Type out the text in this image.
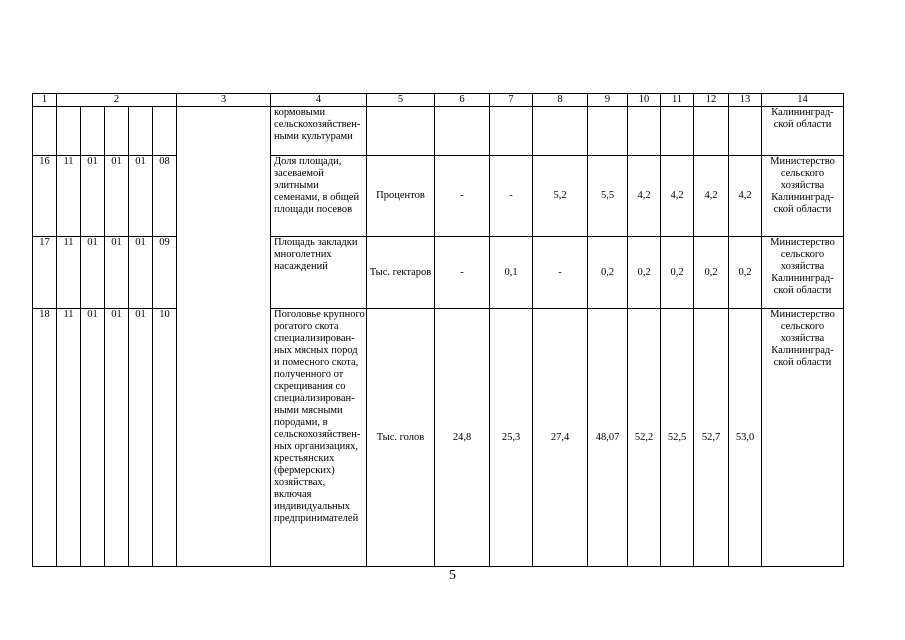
1	2					3	4	5	6	7	8	9	10	11	12	13	14
							кормовыми сельскохозяйствен-ными культурами										Калининград-ской области
16	11	01	01	01	08		Доля площади, засеваемой элитными семенами, в общей площади посевов	Процентов	-	-	5,2	5,5	4,2	4,2	4,2	4,2	Министерство сельского хозяйства Калининград-ской области
17	11	01	01	01	09		Площадь закладки многолетних насаждений	Тыс. гектаров	-	0,1	-	0,2	0,2	0,2	0,2	0,2	Министерство сельского хозяйства Калининград-ской области
18	11	01	01	01	10		Поголовье крупного рогатого скота специализирован-ных мясных пород и помесного скота, полученного от скрещивания со специализирован-ными мясными породами, в сельскохозяйствен-ных организациях, крестьянских (фермерских) хозяйствах, включая индивидуальных предпринимателей	Тыс. голов	24,8	25,3	27,4	48,07	52,2	52,5	52,7	53,0	Министерство сельского хозяйства Калининград-ской области
5
